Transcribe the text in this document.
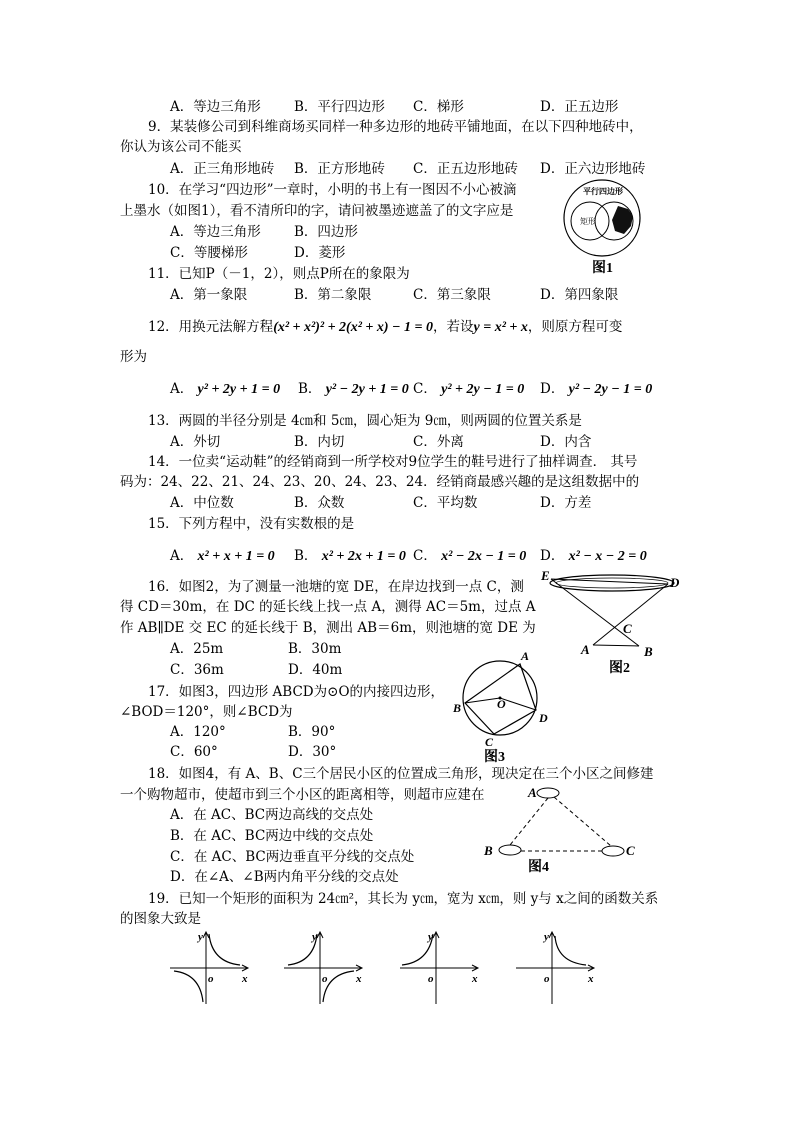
A．等边三角形 B．平行四边形 C．梯形	D．正五边形
9．某装修公司到科维商场买同样一种多边形的地砖平铺地面，在以下四种地砖中，
你认为该公司不能买
A．正三角形地砖 B．正方形地砖 C．正五边形地砖 D．正六边形地砖
10．在学习“四边形”一章时，小明的书上有一图因不小心被滴
上墨水（如图1），看不清所印的字，请问被墨迹遮盖了的文字应是
A．等边三角形 B．四边形
C．等腰梯形	D．菱形
平行四边形
矩形
图1
11．已知P（－1，2），则点P所在的象限为
A．第一象限	B．第二象限	C．第三象限	D．第四象限
12．用换元法解方程(x² + x²)² + 2(x² + x) − 1 = 0，若设y = x² + x，则原方程可变
形为
A． y² + 2y + 1 = 0 B． y² − 2y + 1 = 0 C． y² + 2y − 1 = 0 D． y² − 2y − 1 = 0
13．两圆的半径分别是 4㎝和 5㎝，圆心矩为 9㎝，则两圆的位置关系是
A．外切	B．内切	C．外离	D．内含
14．一位卖“运动鞋”的经销商到一所学校对9位学生的鞋号进行了抽样调查． 其号
码为：24、22、21、24、23、20、24、23、24．经销商最感兴趣的是这组数据中的
A．中位数	B．众数	C．平均数	D．方差
15．下列方程中，没有实数根的是
A． x² + x + 1 = 0 B． x² + 2x + 1 = 0 C． x² − 2x − 1 = 0 D． x² − x − 2 = 0
16．如图2，为了测量一池塘的宽 DE，在岸边找到一点 C，测
得 CD＝30m，在 DC 的延长线上找一点 A，测得 AC＝5m，过点 A
作 AB∥DE 交 EC 的延长线于 B，测出 AB＝6m，则池塘的宽 DE 为
A．25m	B．30m
C．36m	D．40m
E	D
C
A	B
图2
17．如图3，四边形 ABCD为⊙O的内接四边形，
∠BOD＝120°，则∠BCD为
A．120°	B．90°
C．60°	D．30°
A
B
C
D
O
图3
18．如图4，有 A、B、C三个居民小区的位置成三角形，现决定在三个小区之间修建
一个购物超市，使超市到三个小区的距离相等，则超市应建在
A．在 AC、BC两边高线的交点处
B．在 AC、BC两边中线的交点处
C．在 AC、BC两边垂直平分线的交点处
D．在∠A、∠B两内角平分线的交点处
A
B	C
图4
19．已知一个矩形的面积为 24㎝²，其长为 y㎝，宽为 x㎝，则 y与 x之间的函数关系
的图象大致是
y
x
o
y
x
o
y
x
o
y
x
o
